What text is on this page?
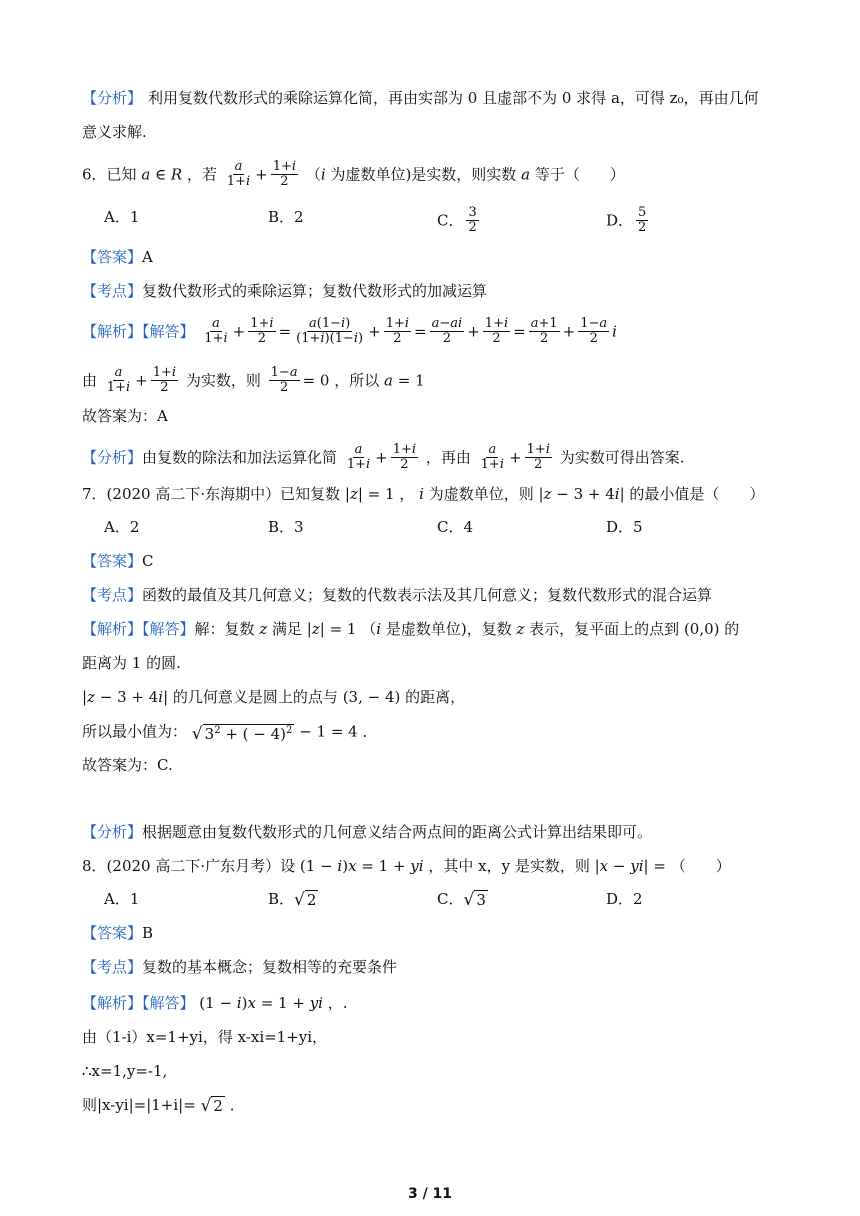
【分析】 利用复数代数形式的乘除运算化简，再由实部为 0 且虚部不为 0 求得 a，可得 z₀，再由几何
意义求解.
6．已知 a ∈ R ，若 $\frac{a}{1+i} + \frac{1+i}{2} (i$ 为虚数单位)是实数，则实数 a 等于（　　）
A．1	B．2	C． $\frac{3}{2}$	D． $\frac{5}{2}$
【答案】A
【考点】复数代数形式的乘除运算；复数代数形式的加减运算
【解析】【解答】 $\frac{a}{1+i} + \frac{1+i}{2} = \frac{a(1-i)}{(1+i)(1-i)} + \frac{1+i}{2} = \frac{a-ai}{2} + \frac{1+i}{2} = \frac{a+1}{2} + \frac{1-a}{2}$ i
由 $\frac{a}{1+i} + \frac{1+i}{2}$ 为实数，则 $\frac{1-a}{2} = 0$ ，所以 a = 1
故答案为：A
【分析】由复数的除法和加法运算化简 $\frac{a}{1+i} + \frac{1+i}{2}$ ，再由 $\frac{a}{1+i} + \frac{1+i}{2}$ 为实数可得出答案.
7．(2020 高二下·东海期中）已知复数 |z| = 1 ， i 为虚数单位，则 |z − 3 + 4i| 的最小值是（　　）
A．2	B．3	C．4	D．5
【答案】C
【考点】函数的最值及其几何意义；复数的代数表示法及其几何意义；复数代数形式的混合运算
【解析】【解答】解：复数 z 满足 |z| = 1 （i 是虚数单位)，复数 z 表示，复平面上的点到 (0,0) 的
距离为 1 的圆.
|z − 3 + 4i| 的几何意义是圆上的点与 (3, − 4) 的距离，
所以最小值为： √ $3^2$ + ( − 4)$^2$ − 1 = 4 ．
故答案为：C.
【分析】根据题意由复数代数形式的几何意义结合两点间的距离公式计算出结果即可。
8．(2020 高二下·广东月考）设 (1 − i)x = 1 + yi ，其中 x，y 是实数，则 |x − yi| = （　　）
A．1	B．√ 2	C．√ 3	D．2
【答案】B
【考点】复数的基本概念；复数相等的充要条件
【解析】【解答】 (1 − i)x = 1 + yi ，.
由（1-i）x=1+yi，得 x-xi=1+yi，
∴x=1,y=-1,
则|x-yi|=|1+i|= √ 2 ．
3 / 11
